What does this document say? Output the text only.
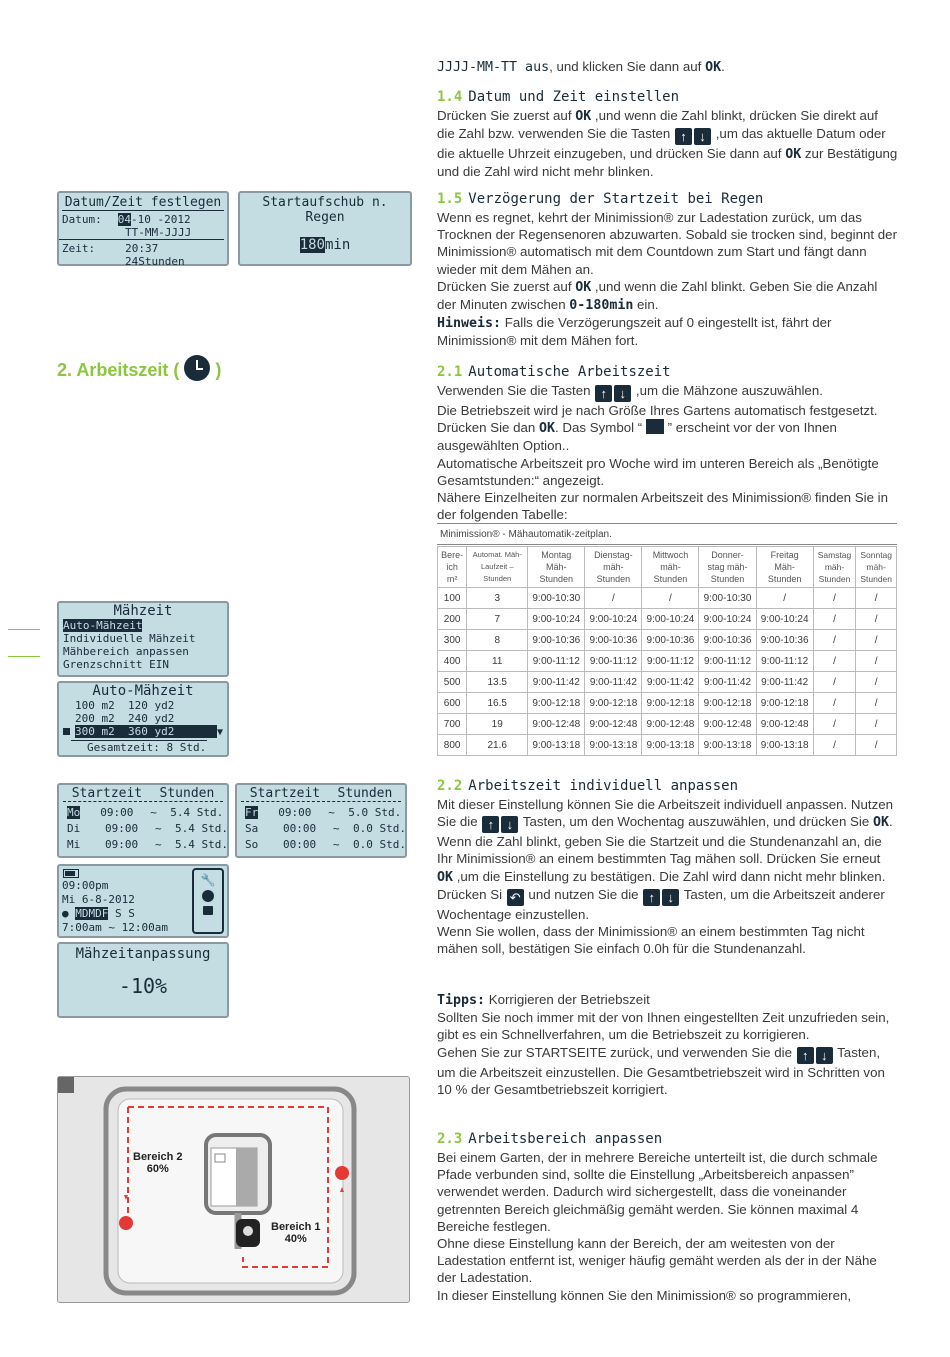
Datum/Zeit festlegen
Datum: 04-10 -2012
TT-MM-JJJJ
Zeit:	20:37
24Stunden
Startaufschub n. Regen
180min
2. Arbeitszeit ( )
Mähzeit
Auto-Mähzeit
Individuelle Mähzeit
Mähbereich anpassen
Grenzschnitt EIN
Auto-Mähzeit
100 m2  120 yd2
200 m2  240 yd2
300 m2  360 yd2	▼
Gesamtzeit: 8 Std.
Startzeit Stunden
Mo 09:00 ~ 5.4 Std.
Di 09:00 ~ 5.4 Std.
Mi 09:00 ~ 5.4 Std.
Startzeit Stunden
Fr 09:00 ~ 5.0 Std.
Sa 00:00 ~ 0.0 Std.
So 00:00 ~ 0.0 Std.
09:00pm
Mi 6-8-2012
● MDMDF S S
7:00am ~ 12:00am
🔧
Mähzeitanpassung
-10%
Bereich 2
60%
Bereich 1
40%
JJJJ-MM-TT aus, und klicken Sie dann auf OK.
1.4 Datum und Zeit einstellen
Drücken Sie zuerst auf OK ,und wenn die Zahl blinkt, drücken Sie direkt auf die Zahl bzw. verwenden Sie die Tasten ↑ ↓ ,um das aktuelle Datum oder die aktuelle Uhrzeit einzugeben, und drücken Sie dann auf OK zur Bestätigung und die Zahl wird nicht mehr blinken.
1.5 Verzögerung der Startzeit bei Regen
Wenn es regnet, kehrt der Minimission® zur Ladestation zurück, um das Trocknen der Regensenoren abzuwarten. Sobald sie trocken sind, beginnt der Minimission® automatisch mit dem Countdown zum Start und fängt dann wieder mit dem Mähen an.
Drücken Sie zuerst auf OK ,und wenn die Zahl blinkt. Geben Sie die Anzahl der Minuten zwischen 0-180min ein.
Hinweis: Falls die Verzögerungszeit auf 0 eingestellt ist, fährt der Minimission® mit dem Mähen fort.
2.1 Automatische Arbeitszeit
Verwenden Sie die Tasten ↑ ↓ ,um die Mähzone auszuwählen.
Die Betriebszeit wird je nach Größe Ihres Gartens automatisch festgesetzt. Drücken Sie dan OK. Das Symbol “  ” erscheint vor der von Ihnen ausgewählten Option..
Automatische Arbeitszeit pro Woche wird im unteren Bereich als „Benötigte Gesamtstunden:“ angezeigt.
Nähere Einzelheiten zur normalen Arbeitszeit des Minimission® finden Sie in der folgenden Tabelle:
Minimission® - Mähautomatik-zeitplan.
Bere-
ich
m²	Automat. Mäh-
Laufzeit –
Stunden	Montag
Mäh-
Stunden	Dienstag-
mäh-
Stunden	Mittwoch
mäh-
Stunden	Donner-
stag mäh-
Stunden	Freitag
Mäh-
Stunden	Samstag
mäh-
Stunden	Sonntag
mäh-
Stunden
100	3	9:00-10:30	/	/	9:00-10:30	/	/	/
200	7	9:00-10:24	9:00-10:24	9:00-10:24	9:00-10:24	9:00-10:24	/	/
300	8	9:00-10:36	9:00-10:36	9:00-10:36	9:00-10:36	9:00-10:36	/	/
400	11	9:00-11:12	9:00-11:12	9:00-11:12	9:00-11:12	9:00-11:12	/	/
500	13.5	9:00-11:42	9:00-11:42	9:00-11:42	9:00-11:42	9:00-11:42	/	/
600	16.5	9:00-12:18	9:00-12:18	9:00-12:18	9:00-12:18	9:00-12:18	/	/
700	19	9:00-12:48	9:00-12:48	9:00-12:48	9:00-12:48	9:00-12:48	/	/
800	21.6	9:00-13:18	9:00-13:18	9:00-13:18	9:00-13:18	9:00-13:18	/	/
2.2 Arbeitszeit individuell anpassen
Mit dieser Einstellung können Sie die Arbeitszeit individuell anpassen. Nutzen Sie die ↑ ↓ Tasten, um den Wochentag auszuwählen, und drücken Sie OK. Wenn die Zahl blinkt, geben Sie die Startzeit und die Stundenanzahl an, die Ihr Minimission® an einem bestimmten Tag mähen soll. Drücken Sie erneut OK ,um die Einstellung zu bestätigen. Die Zahl wird dann nicht mehr blinken.
Drücken Si ↶ und nutzen Sie die ↑ ↓ Tasten, um die Arbeitszeit anderer Wochentage einzustellen.
Wenn Sie wollen, dass der Minimission® an einem bestimmten Tag nicht mähen soll, bestätigen Sie einfach 0.0h für die Stundenanzahl.
Tipps: Korrigieren der Betriebszeit
Sollten Sie noch immer mit der von Ihnen eingestellten Zeit unzufrieden sein, gibt es ein Schnellverfahren, um die Betriebszeit zu korrigieren.
Gehen Sie zur STARTSEITE zurück, und verwenden Sie die ↑ ↓ Tasten, um die Arbeitszeit einzustellen. Die Gesamtbetriebszeit wird in Schritten von 10 % der Gesamtbetriebszeit korrigiert.
2.3 Arbeitsbereich anpassen
Bei einem Garten, der in mehrere Bereiche unterteilt ist, die durch schmale Pfade verbunden sind, sollte die Einstellung „Arbeitsbereich anpassen” verwendet werden. Dadurch wird sichergestellt, dass die voneinander getrennten Bereich gleichmäßig gemäht werden. Sie können maximal 4 Bereiche festlegen.
Ohne diese Einstellung kann der Bereich, der am weitesten von der Ladestation entfernt ist, weniger häufig gemäht werden als der in der Nähe der Ladestation.
In dieser Einstellung können Sie den Minimission® so programmieren,
